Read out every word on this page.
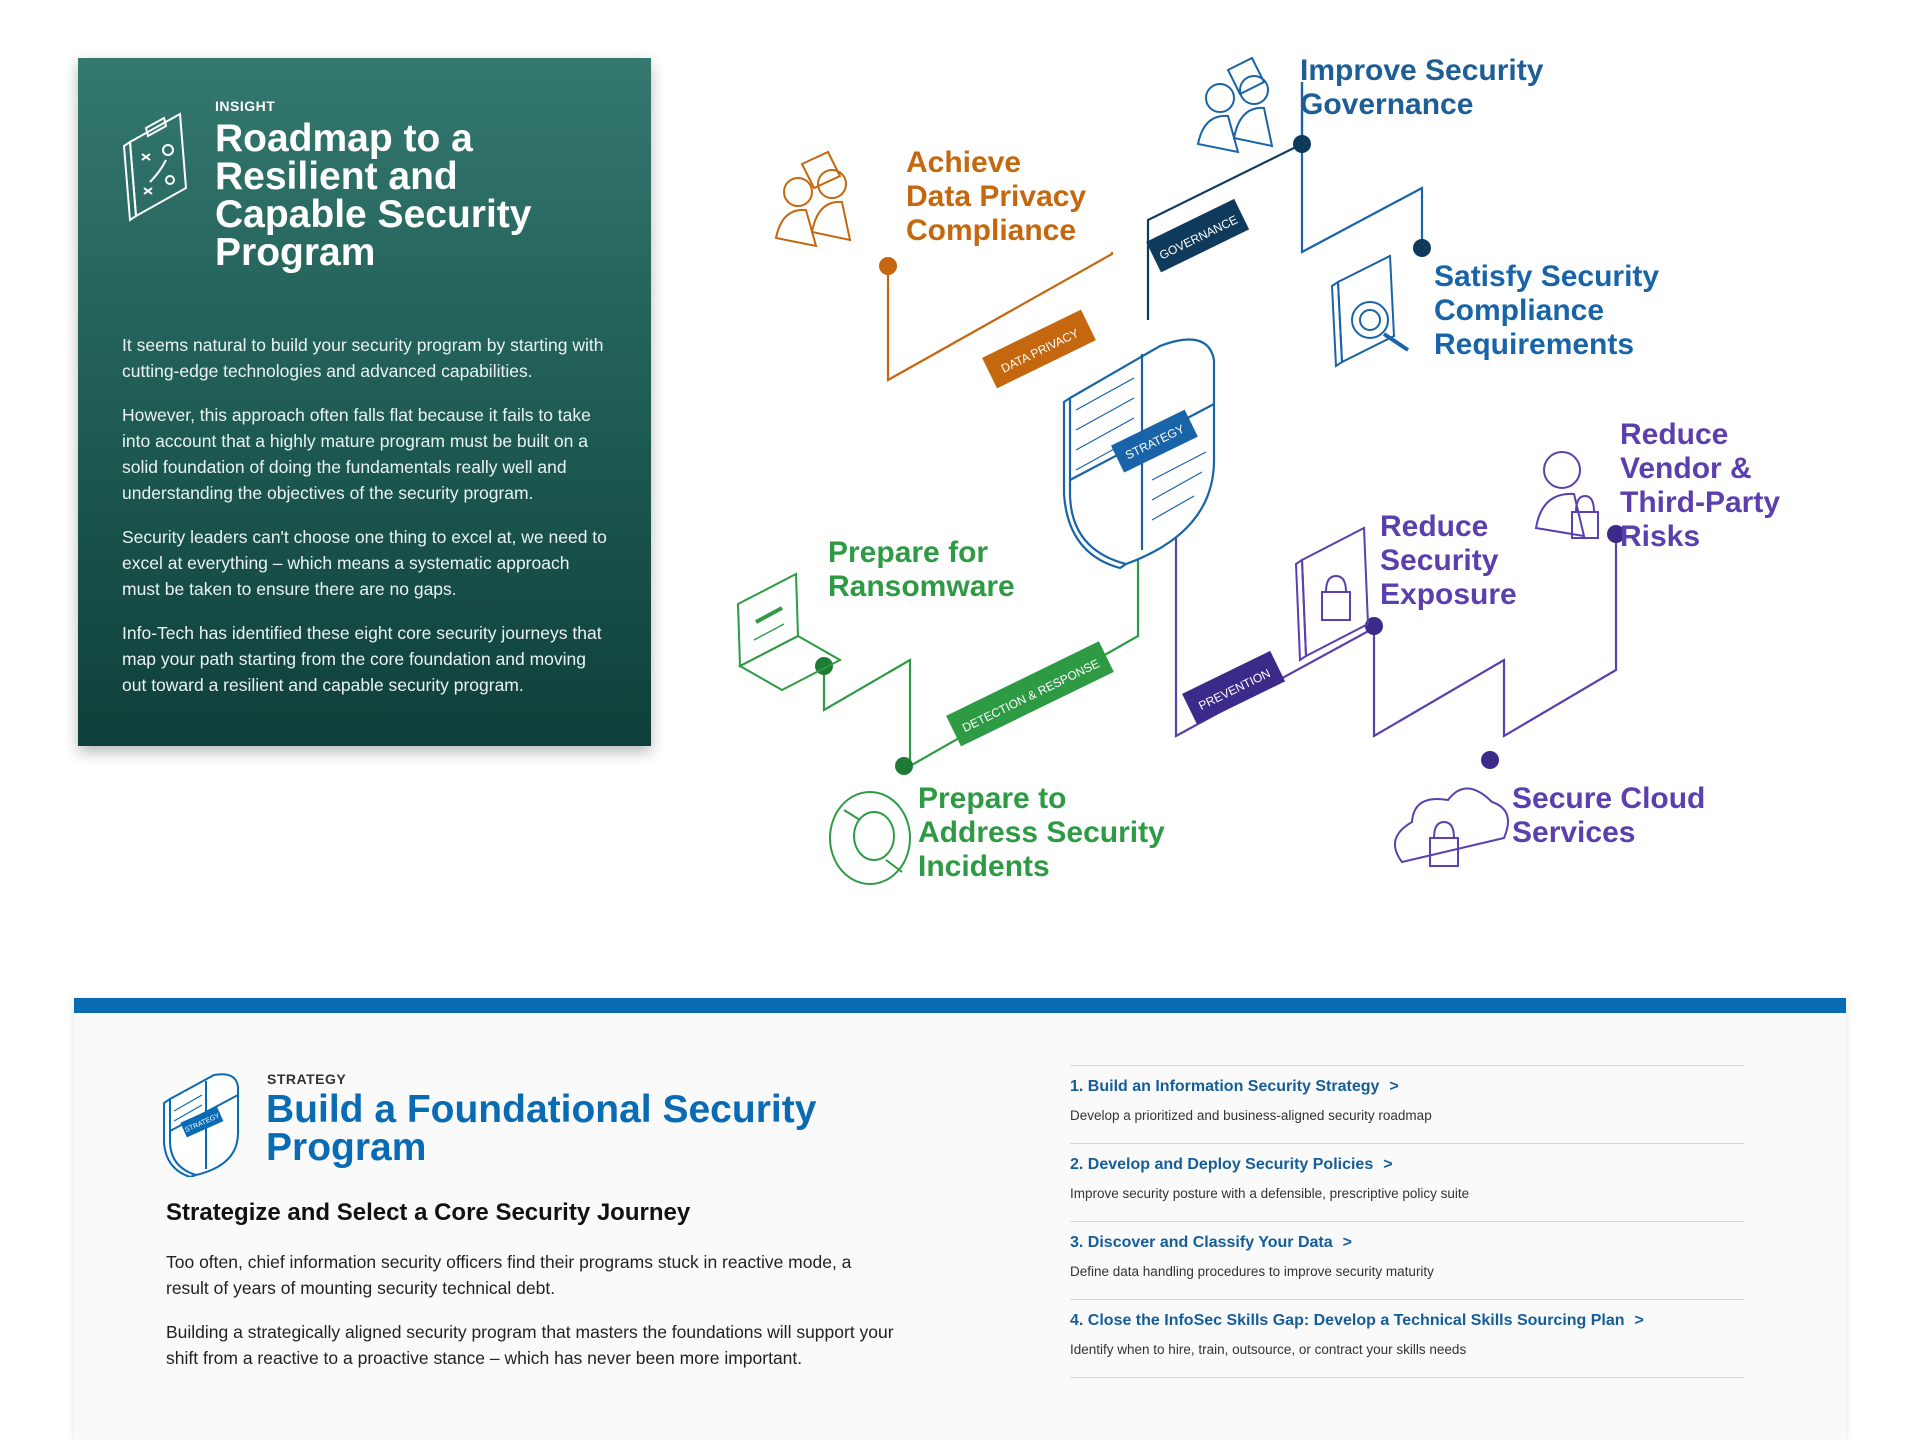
INSIGHT
Roadmap to a Resilient and Capable Security Program

It seems natural to build your security program by starting with cutting-edge technologies and advanced capabilities.

However, this approach often falls flat because it fails to take into account that a highly mature program must be built on a solid foundation of doing the fundamentals really well and understanding the objectives of the security program.

Security leaders can't choose one thing to excel at, we need to excel at everything – which means a systematic approach must be taken to ensure there are no gaps.

Info-Tech has identified these eight core security journeys that map your path starting from the core foundation and moving out toward a resilient and capable security program.

GOVERNANCE
DATA PRIVACY
DETECTION & RESPONSE	PREVENTION
STRATEGY
Improve Security
Governance
Achieve
Data Privacy
Compliance
Satisfy Security
Compliance
Requirements
Reduce
Vendor &
Third-Party
Risks
Reduce
Security
Exposure
Prepare for
Ransomware
Prepare to
Address Security
Incidents
Secure Cloud
Services
STRATEGY
STRATEGY
Build a Foundational Security Program
Strategize and Select a Core Security Journey

Too often, chief information security officers find their programs stuck in reactive mode, a result of years of mounting security technical debt.

Building a strategically aligned security program that masters the foundations will support your shift from a reactive to a proactive stance – which has never been more important.

1. Build an Information Security Strategy >

Develop a prioritized and business-aligned security roadmap

2. Develop and Deploy Security Policies >

Improve security posture with a defensible, prescriptive policy suite

3. Discover and Classify Your Data >

Define data handling procedures to improve security maturity

4. Close the InfoSec Skills Gap: Develop a Technical Skills Sourcing Plan >

Identify when to hire, train, outsource, or contract your skills needs
